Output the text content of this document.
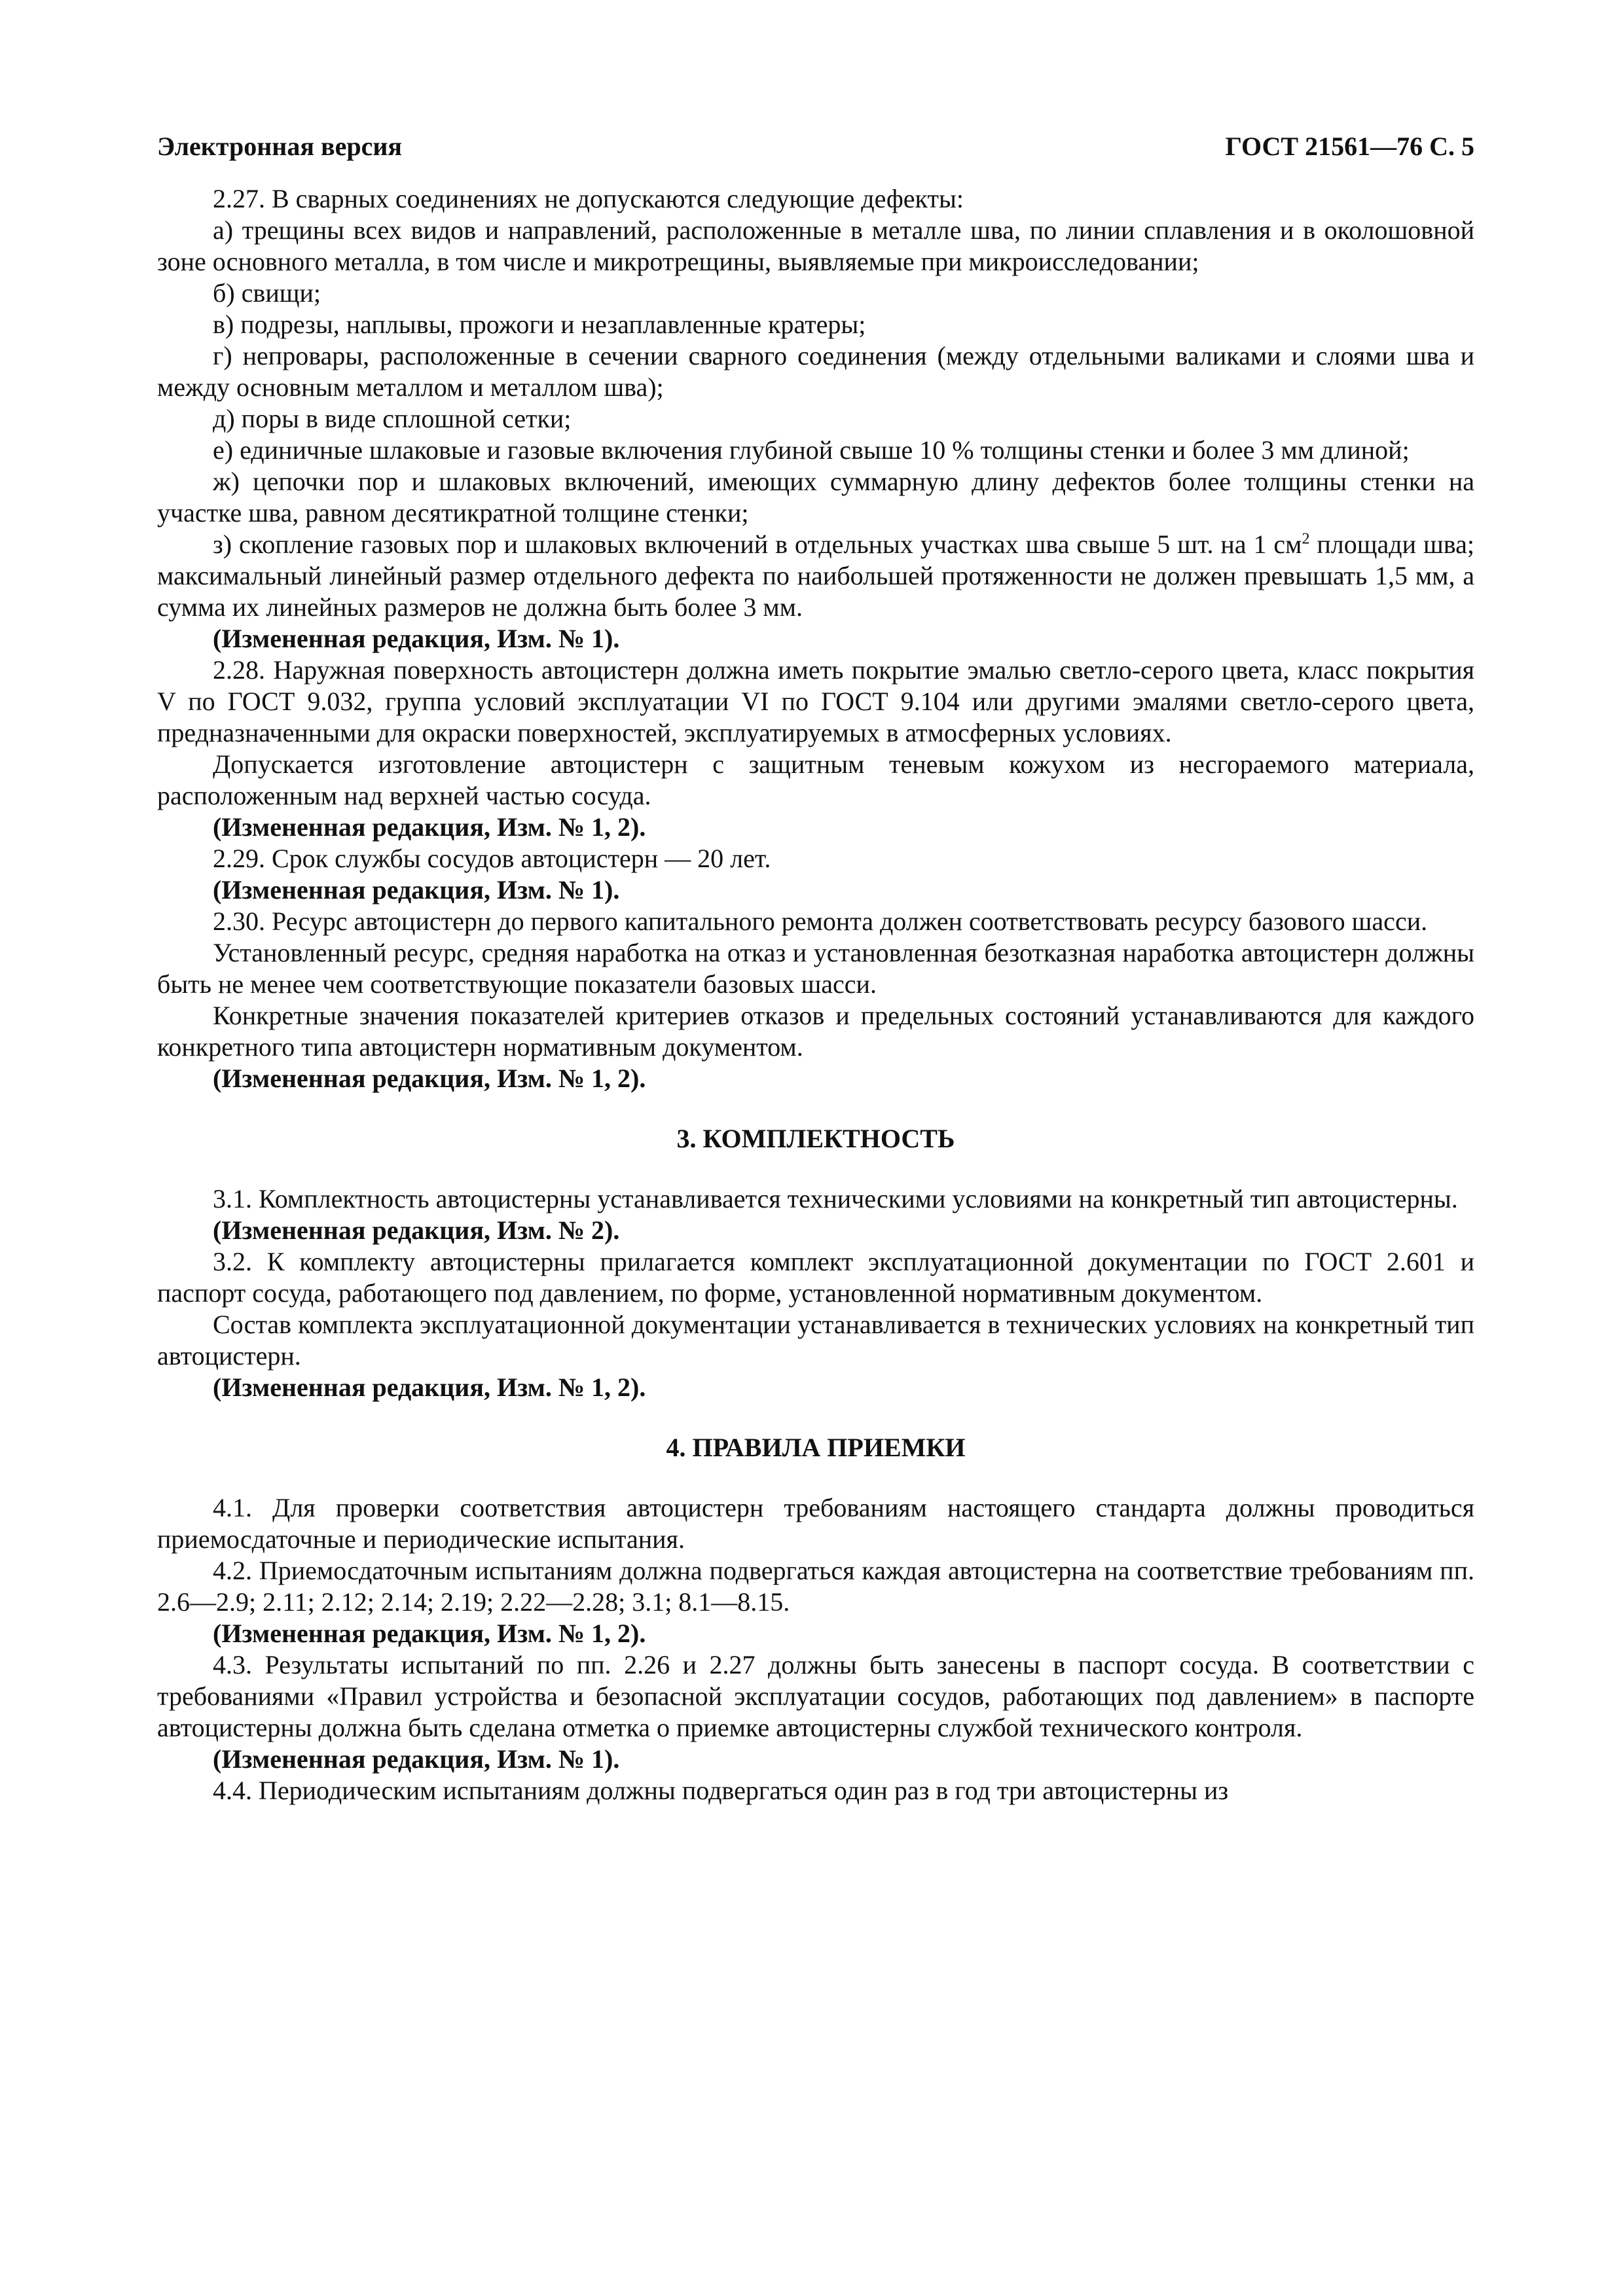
Электронная версия	ГОСТ 21561—76 С. 5

2.27. В сварных соединениях не допускаются следующие дефекты:

а) трещины всех видов и направлений, расположенные в металле шва, по линии сплавления и в околошовной зоне основного металла, в том числе и микротрещины, выявляемые при микроисследовании;

б) свищи;

в) подрезы, наплывы, прожоги и незаплавленные кратеры;

г) непровары, расположенные в сечении сварного соединения (между отдельными валиками и слоями шва и между основным металлом и металлом шва);

д) поры в виде сплошной сетки;

е) единичные шлаковые и газовые включения глубиной свыше 10 % толщины стенки и более 3 мм длиной;

ж) цепочки пор и шлаковых включений, имеющих суммарную длину дефектов более толщины стенки на участке шва, равном десятикратной толщине стенки;

з) скопление газовых пор и шлаковых включений в отдельных участках шва свыше 5 шт. на 1 $см^2$ площади шва; максимальный линейный размер отдельного дефекта по наибольшей протяженности не должен превышать 1,5 мм, а сумма их линейных размеров не должна быть более 3 мм.

(Измененная редакция, Изм. № 1).

2.28. Наружная поверхность автоцистерн должна иметь покрытие эмалью светло-серого цвета, класс покрытия V по ГОСТ 9.032, группа условий эксплуатации VI по ГОСТ 9.104 или другими эмалями светло-серого цвета, предназначенными для окраски поверхностей, эксплуатируемых в атмосферных условиях.

Допускается изготовление автоцистерн с защитным теневым кожухом из несгораемого материала, расположенным над верхней частью сосуда.

(Измененная редакция, Изм. № 1, 2).

2.29. Срок службы сосудов автоцистерн — 20 лет.

(Измененная редакция, Изм. № 1).

2.30. Ресурс автоцистерн до первого капитального ремонта должен соответствовать ресурсу базового шасси.

Установленный ресурс, средняя наработка на отказ и установленная безотказная наработка автоцистерн должны быть не менее чем соответствующие показатели базовых шасси.

Конкретные значения показателей критериев отказов и предельных состояний устанавливаются для каждого конкретного типа автоцистерн нормативным документом.

(Измененная редакция, Изм. № 1, 2).

3. КОМПЛЕКТНОСТЬ

3.1. Комплектность автоцистерны устанавливается техническими условиями на конкретный тип автоцистерны.

(Измененная редакция, Изм. № 2).

3.2. К комплекту автоцистерны прилагается комплект эксплуатационной документации по ГОСТ 2.601 и паспорт сосуда, работающего под давлением, по форме, установленной нормативным документом.

Состав комплекта эксплуатационной документации устанавливается в технических условиях на конкретный тип автоцистерн.

(Измененная редакция, Изм. № 1, 2).

4. ПРАВИЛА ПРИЕМКИ

4.1. Для проверки соответствия автоцистерн требованиям настоящего стандарта должны проводиться приемосдаточные и периодические испытания.

4.2. Приемосдаточным испытаниям должна подвергаться каждая автоцистерна на соответствие требованиям пп. 2.6—2.9; 2.11; 2.12; 2.14; 2.19; 2.22—2.28; 3.1; 8.1—8.15.

(Измененная редакция, Изм. № 1, 2).

4.3. Результаты испытаний по пп. 2.26 и 2.27 должны быть занесены в паспорт сосуда. В соответствии с требованиями «Правил устройства и безопасной эксплуатации сосудов, работающих под давлением» в паспорте автоцистерны должна быть сделана отметка о приемке автоцистерны службой технического контроля.

(Измененная редакция, Изм. № 1).

4.4. Периодическим испытаниям должны подвергаться один раз в год три автоцистерны из
